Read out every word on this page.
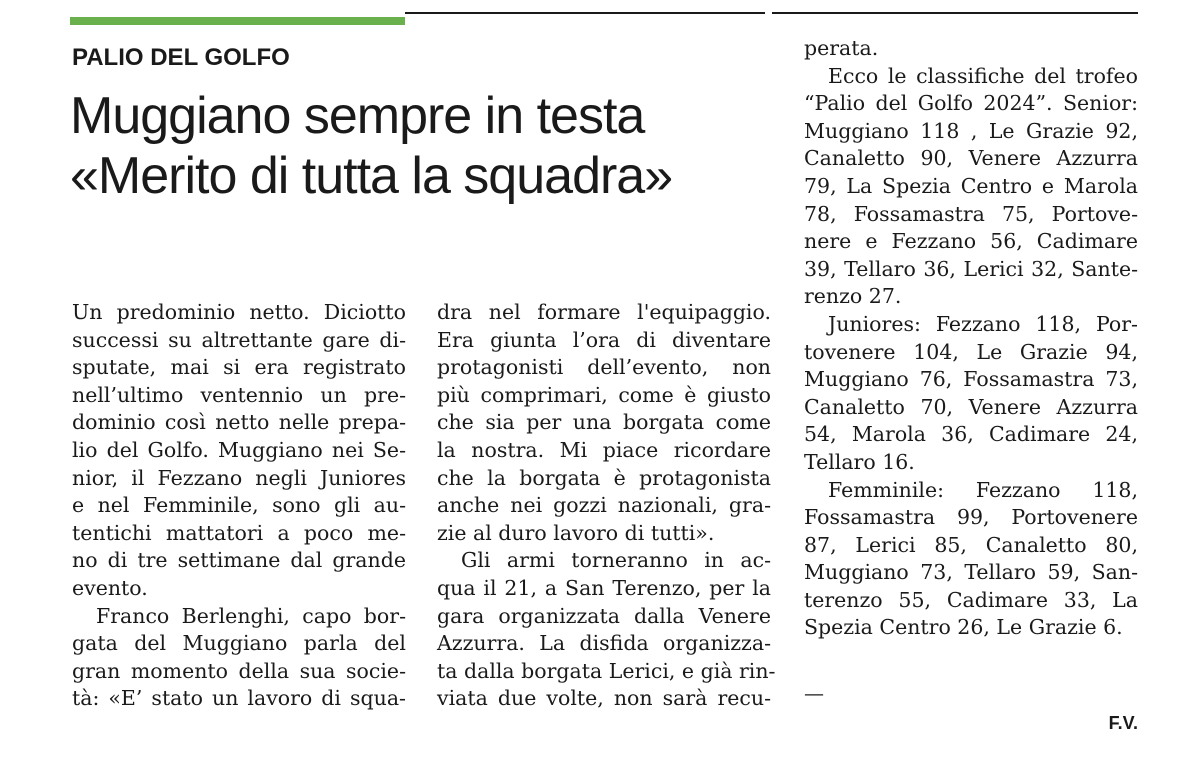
PALIO DEL GOLFO
Muggiano sempre in testa
«Merito di tutta la squadra»
Un predominio netto. Diciotto
successi su altrettante gare di-
sputate, mai si era registrato
nell’ultimo ventennio un pre-
dominio così netto nelle prepa-
lio del Golfo. Muggiano nei Se-
nior, il Fezzano negli Juniores
e nel Femminile, sono gli au-
tentichi mattatori a poco me-
no di tre settimane dal grande
evento.
Franco Berlenghi, capo bor-
gata del Muggiano parla del
gran momento della sua socie-
tà: «E’ stato un lavoro di squa-
dra nel formare l'equipaggio.
Era giunta l’ora di diventare
protagonisti dell’evento, non
più comprimari, come è giusto
che sia per una borgata come
la nostra. Mi piace ricordare
che la borgata è protagonista
anche nei gozzi nazionali, gra-
zie al duro lavoro di tutti».
Gli armi torneranno in ac-
qua il 21, a San Terenzo, per la
gara organizzata dalla Venere
Azzurra. La disfida organizza-
ta dalla borgata Lerici, e già rin-
viata due volte, non sarà recu-
perata.
Ecco le classifiche del trofeo
“Palio del Golfo 2024”. Senior:
Muggiano 118 , Le Grazie 92,
Canaletto 90, Venere Azzurra
79, La Spezia Centro e Marola
78, Fossamastra 75, Portove-
nere e Fezzano 56, Cadimare
39, Tellaro 36, Lerici 32, Sante-
renzo 27.
Juniores: Fezzano 118, Por-
tovenere 104, Le Grazie 94,
Muggiano 76, Fossamastra 73,
Canaletto 70, Venere Azzurra
54, Marola 36, Cadimare 24,
Tellaro 16.
Femminile: Fezzano 118,
Fossamastra 99, Portovenere
87, Lerici 85, Canaletto 80,
Muggiano 73, Tellaro 59, San-
terenzo 55, Cadimare 33, La
Spezia Centro 26, Le Grazie 6.
—
F.V.
